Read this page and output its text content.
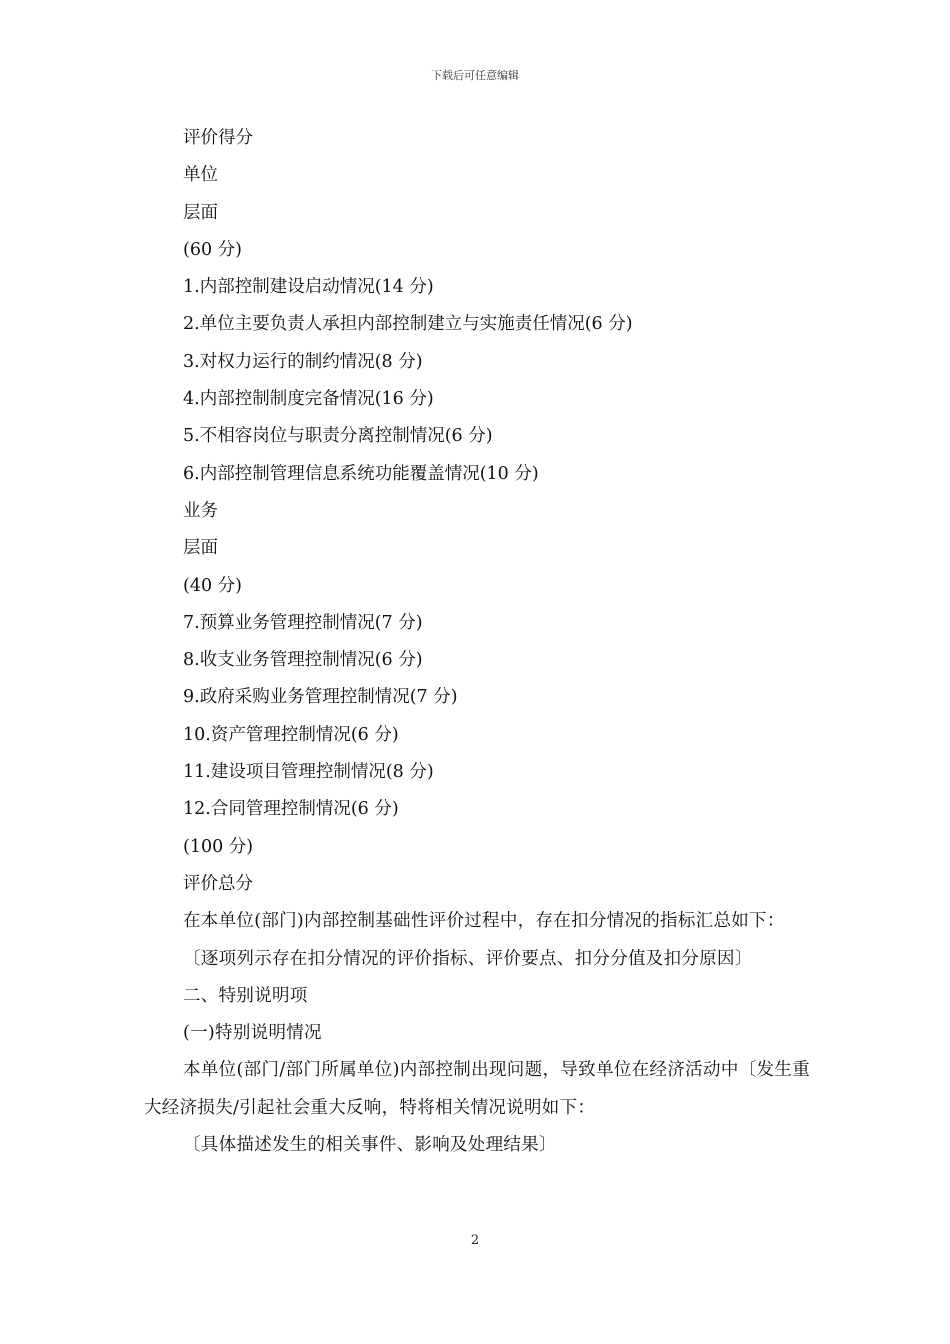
下载后可任意编辑
评价得分
单位
层面
(60 分)
1.内部控制建设启动情况(14 分)
2.单位主要负责人承担内部控制建立与实施责任情况(6 分)
3.对权力运行的制约情况(8 分)
4.内部控制制度完备情况(16 分)
5.不相容岗位与职责分离控制情况(6 分)
6.内部控制管理信息系统功能覆盖情况(10 分)
业务
层面
(40 分)
7.预算业务管理控制情况(7 分)
8.收支业务管理控制情况(6 分)
9.政府采购业务管理控制情况(7 分)
10.资产管理控制情况(6 分)
11.建设项目管理控制情况(8 分)
12.合同管理控制情况(6 分)
(100 分)
评价总分
在本单位(部门)内部控制基础性评价过程中，存在扣分情况的指标汇总如下：
〔逐项列示存在扣分情况的评价指标、评价要点、扣分分值及扣分原因〕
二、特别说明项
(一)特别说明情况
本单位(部门/部门所属单位)内部控制出现问题，导致单位在经济活动中〔发生重大经济损失/引起社会重大反响，特将相关情况说明如下：
〔具体描述发生的相关事件、影响及处理结果〕
2
